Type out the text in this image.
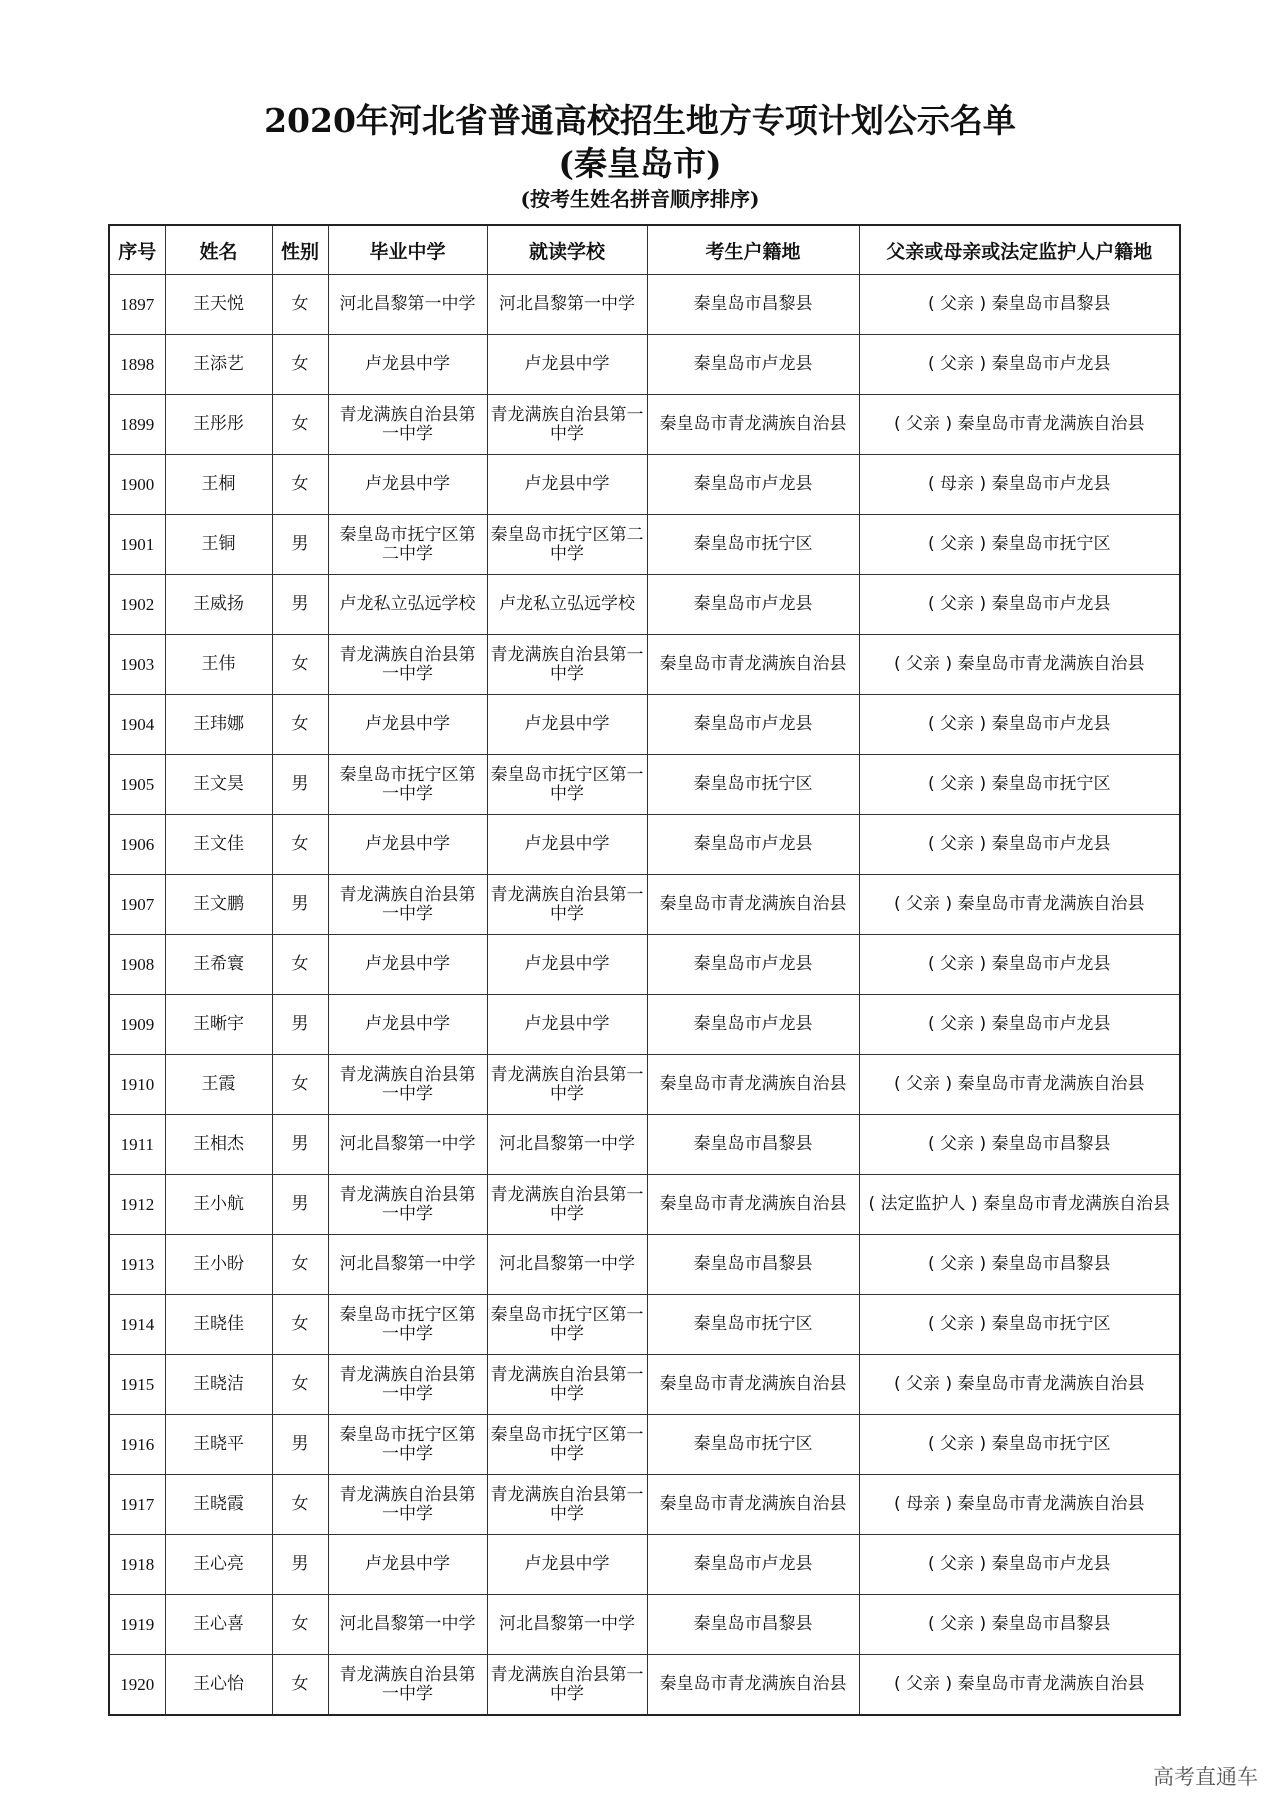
2020年河北省普通高校招生地方专项计划公示名单
(秦皇岛市)
(按考生姓名拼音顺序排序)
序号	姓名	性别	毕业中学	就读学校	考生户籍地	父亲或母亲或法定监护人户籍地
1897	王天悦	女	河北昌黎第一中学	河北昌黎第一中学	秦皇岛市昌黎县	( 父亲 ) 秦皇岛市昌黎县
1898	王添艺	女	卢龙县中学	卢龙县中学	秦皇岛市卢龙县	( 父亲 ) 秦皇岛市卢龙县
1899	王彤彤	女	青龙满族自治县第一中学	青龙满族自治县第一中学	秦皇岛市青龙满族自治县	( 父亲 ) 秦皇岛市青龙满族自治县
1900	王桐	女	卢龙县中学	卢龙县中学	秦皇岛市卢龙县	( 母亲 ) 秦皇岛市卢龙县
1901	王铜	男	秦皇岛市抚宁区第二中学	秦皇岛市抚宁区第二中学	秦皇岛市抚宁区	( 父亲 ) 秦皇岛市抚宁区
1902	王威扬	男	卢龙私立弘远学校	卢龙私立弘远学校	秦皇岛市卢龙县	( 父亲 ) 秦皇岛市卢龙县
1903	王伟	女	青龙满族自治县第一中学	青龙满族自治县第一中学	秦皇岛市青龙满族自治县	( 父亲 ) 秦皇岛市青龙满族自治县
1904	王玮娜	女	卢龙县中学	卢龙县中学	秦皇岛市卢龙县	( 父亲 ) 秦皇岛市卢龙县
1905	王文昊	男	秦皇岛市抚宁区第一中学	秦皇岛市抚宁区第一中学	秦皇岛市抚宁区	( 父亲 ) 秦皇岛市抚宁区
1906	王文佳	女	卢龙县中学	卢龙县中学	秦皇岛市卢龙县	( 父亲 ) 秦皇岛市卢龙县
1907	王文鹏	男	青龙满族自治县第一中学	青龙满族自治县第一中学	秦皇岛市青龙满族自治县	( 父亲 ) 秦皇岛市青龙满族自治县
1908	王希寰	女	卢龙县中学	卢龙县中学	秦皇岛市卢龙县	( 父亲 ) 秦皇岛市卢龙县
1909	王晰宇	男	卢龙县中学	卢龙县中学	秦皇岛市卢龙县	( 父亲 ) 秦皇岛市卢龙县
1910	王霞	女	青龙满族自治县第一中学	青龙满族自治县第一中学	秦皇岛市青龙满族自治县	( 父亲 ) 秦皇岛市青龙满族自治县
1911	王相杰	男	河北昌黎第一中学	河北昌黎第一中学	秦皇岛市昌黎县	( 父亲 ) 秦皇岛市昌黎县
1912	王小航	男	青龙满族自治县第一中学	青龙满族自治县第一中学	秦皇岛市青龙满族自治县	( 法定监护人 ) 秦皇岛市青龙满族自治县
1913	王小盼	女	河北昌黎第一中学	河北昌黎第一中学	秦皇岛市昌黎县	( 父亲 ) 秦皇岛市昌黎县
1914	王晓佳	女	秦皇岛市抚宁区第一中学	秦皇岛市抚宁区第一中学	秦皇岛市抚宁区	( 父亲 ) 秦皇岛市抚宁区
1915	王晓洁	女	青龙满族自治县第一中学	青龙满族自治县第一中学	秦皇岛市青龙满族自治县	( 父亲 ) 秦皇岛市青龙满族自治县
1916	王晓平	男	秦皇岛市抚宁区第一中学	秦皇岛市抚宁区第一中学	秦皇岛市抚宁区	( 父亲 ) 秦皇岛市抚宁区
1917	王晓霞	女	青龙满族自治县第一中学	青龙满族自治县第一中学	秦皇岛市青龙满族自治县	( 母亲 ) 秦皇岛市青龙满族自治县
1918	王心亮	男	卢龙县中学	卢龙县中学	秦皇岛市卢龙县	( 父亲 ) 秦皇岛市卢龙县
1919	王心喜	女	河北昌黎第一中学	河北昌黎第一中学	秦皇岛市昌黎县	( 父亲 ) 秦皇岛市昌黎县
1920	王心怡	女	青龙满族自治县第一中学	青龙满族自治县第一中学	秦皇岛市青龙满族自治县	( 父亲 ) 秦皇岛市青龙满族自治县
高考直通车
